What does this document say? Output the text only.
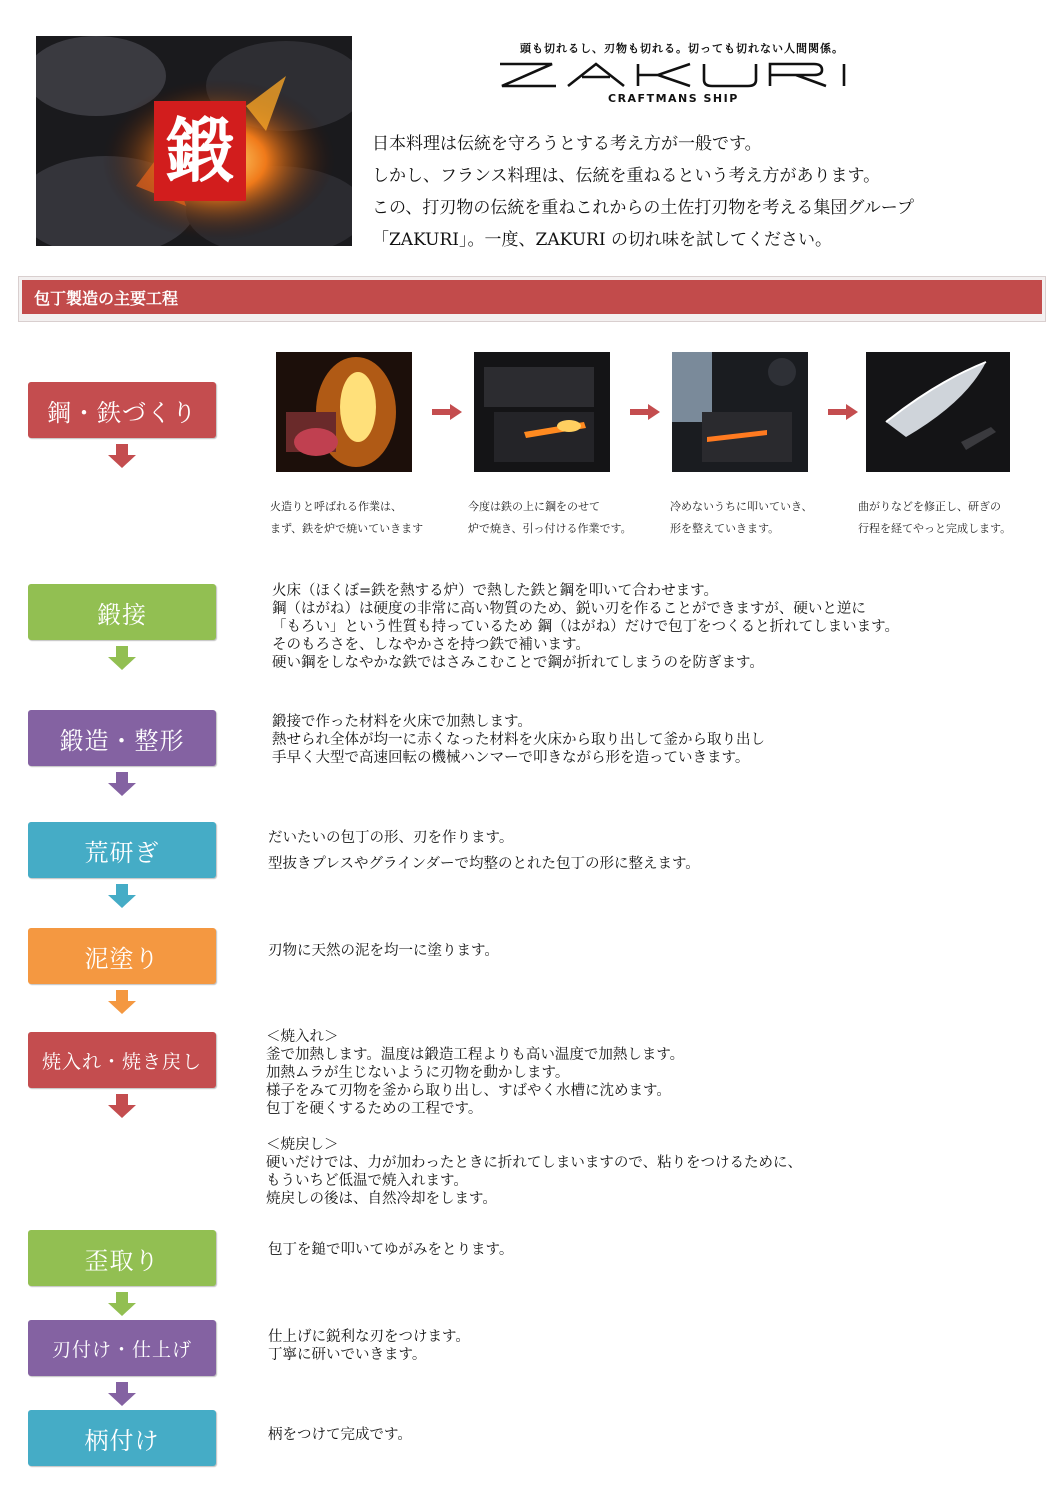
鍛
頭も切れるし、刃物も切れる。切っても切れない人間関係。
CRAFTMANS SHIP
日本料理は伝統を守ろうとする考え方が一般です。
しかし、フランス料理は、伝統を重ねるという考え方があります。
この、打刃物の伝統を重ねこれからの土佐打刃物を考える集団グループ
「ZAKURI」。一度、ZAKURI の切れ味を試してください。
包丁製造の主要工程
火造りと呼ばれる作業は、
まず、鉄を炉で焼いていきます
今度は鉄の上に鋼をのせて
炉で焼き、引っ付ける作業です。
冷めないうちに叩いていき、
形を整えていきます。
曲がりなどを修正し、研ぎの
行程を経てやっと完成します。
鋼・鉄づくり
鍛接
火床（ほくぼ=鉄を熱する炉）で熱した鉄と鋼を叩いて合わせます。
鋼（はがね）は硬度の非常に高い物質のため、鋭い刃を作ることができますが、硬いと逆に
「もろい」という性質も持っているため 鋼（はがね）だけで包丁をつくると折れてしまいます。
そのもろさを、しなやかさを持つ鉄で補います。
硬い鋼をしなやかな鉄ではさみこむことで鋼が折れてしまうのを防ぎます。
鍛造・整形
鍛接で作った材料を火床で加熱します。
熱せられ全体が均一に赤くなった材料を火床から取り出して釜から取り出し
手早く大型で高速回転の機械ハンマーで叩きながら形を造っていきます。
荒研ぎ
だいたいの包丁の形、刃を作ります。
型抜きプレスやグラインダーで均整のとれた包丁の形に整えます。
泥塗り	刃物に天然の泥を均一に塗ります。
焼入れ・焼き戻し
＜焼入れ＞
釜で加熱します。温度は鍛造工程よりも高い温度で加熱します。
加熱ムラが生じないように刃物を動かします。
様子をみて刃物を釜から取り出し、すばやく水槽に沈めます。
包丁を硬くするための工程です。
＜焼戻し＞
硬いだけでは、力が加わったときに折れてしまいますので、粘りをつけるために、
もういちど低温で焼入れます。
焼戻しの後は、自然冷却をします。
歪取り	包丁を鎚で叩いてゆがみをとります。
刃付け・仕上げ
仕上げに鋭利な刃をつけます。
丁寧に研いでいきます。
柄付け	柄をつけて完成です。
